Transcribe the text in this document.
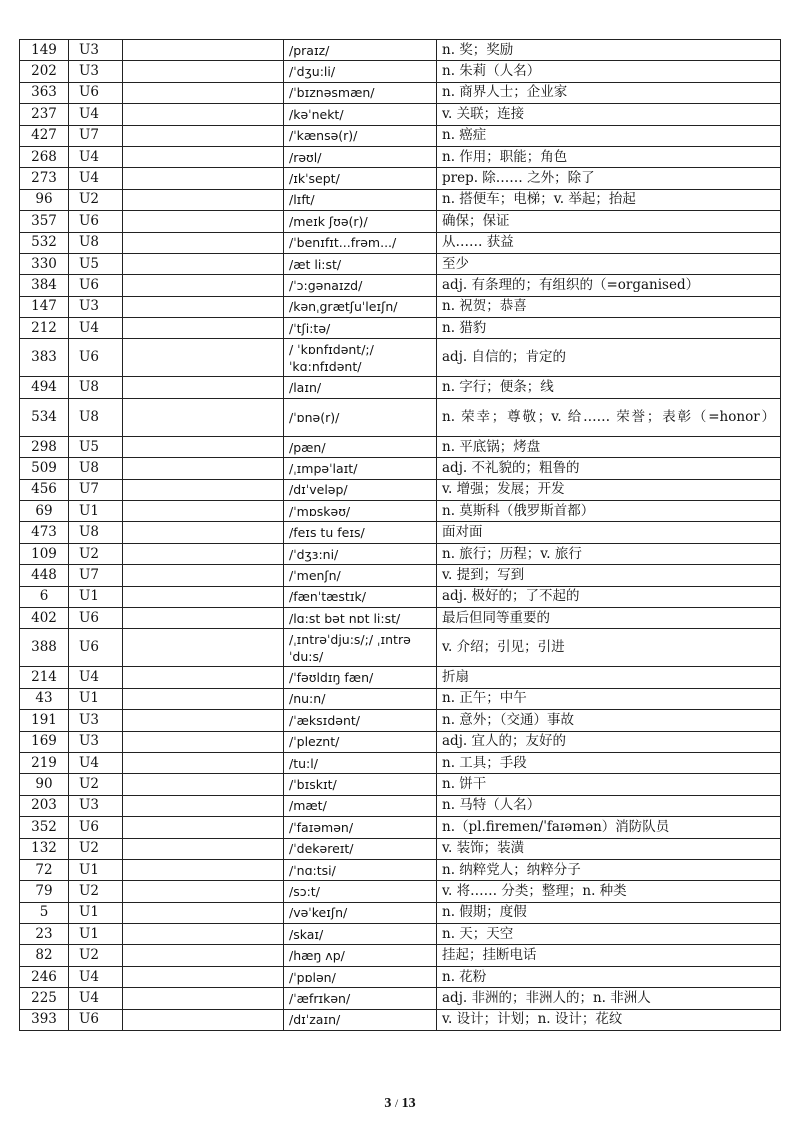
149	U3		/praɪz/	n. 奖；奖励
202	U3		/ˈdʒu:li/	n. 朱莉（人名）
363	U6		/ˈbɪznəsmæn/	n. 商界人士；企业家
237	U4		/kəˈnekt/	v. 关联；连接
427	U7		/ˈkænsə(r)/	n. 癌症
268	U4		/rəʊl/	n. 作用；职能；角色
273	U4		/ɪkˈsept/	prep. 除…… 之外；除了
96	U2		/lɪft/	n. 搭便车；电梯；v. 举起；抬起
357	U6		/meɪk ʃʊə(r)/	确保；保证
532	U8		/ˈbenɪfɪt...frəm.../	从…… 获益
330	U5		/æt li:st/	至少
384	U6		/ˈɔ:gənaɪzd/	adj. 有条理的；有组织的（=organised）
147	U3		/kənˌgrætʃuˈleɪʃn/	n. 祝贺；恭喜
212	U4		/ˈtʃi:tə/	n. 猎豹
383	U6		/ ˈkɒnfɪdənt/;/ ˈkɑ:nfɪdənt/	adj. 自信的；肯定的
494	U8		/laɪn/	n. 字行；便条；线
534	U8		/ˈɒnə(r)/	n. 荣幸；尊敬；v. 给…… 荣誉；表彰（=honor）
298	U5		/pæn/	n. 平底锅；烤盘
509	U8		/ˌɪmpəˈlaɪt/	adj. 不礼貌的；粗鲁的
456	U7		/dɪˈveləp/	v. 增强；发展；开发
69	U1		/ˈmɒskəʊ/	n. 莫斯科（俄罗斯首都）
473	U8		/feɪs tu feɪs/	面对面
109	U2		/ˈdʒɜ:ni/	n. 旅行；历程；v. 旅行
448	U7		/ˈmenʃn/	v. 提到；写到
6	U1		/fænˈtæstɪk/	adj. 极好的；了不起的
402	U6		/lɑ:st bət nɒt li:st/	最后但同等重要的
388	U6		/ˌɪntrəˈdju:s/;/ ˌɪntrəˈdu:s/	v. 介绍；引见；引进
214	U4		/ˈfəʊldɪŋ fæn/	折扇
43	U1		/nu:n/	n. 正午；中午
191	U3		/ˈæksɪdənt/	n. 意外；（交通）事故
169	U3		/ˈpleznt/	adj. 宜人的；友好的
219	U4		/tu:l/	n. 工具；手段
90	U2		/ˈbɪskɪt/	n. 饼干
203	U3		/mæt/	n. 马特（人名）
352	U6		/ˈfaɪəmən/	n.（pl.firemen/ˈfaɪəmən）消防队员
132	U2		/ˈdekəreɪt/	v. 装饰；装潢
72	U1		/ˈnɑ:tsi/	n. 纳粹党人；纳粹分子
79	U2		/sɔ:t/	v. 将…… 分类；整理；n. 种类
5	U1		/vəˈkeɪʃn/	n. 假期；度假
23	U1		/skaɪ/	n. 天；天空
82	U2		/hæŋ ʌp/	挂起；挂断电话
246	U4		/ˈpɒlən/	n. 花粉
225	U4		/ˈæfrɪkən/	adj. 非洲的；非洲人的；n. 非洲人
393	U6		/dɪˈzaɪn/	v. 设计；计划；n. 设计；花纹
3 / 13
